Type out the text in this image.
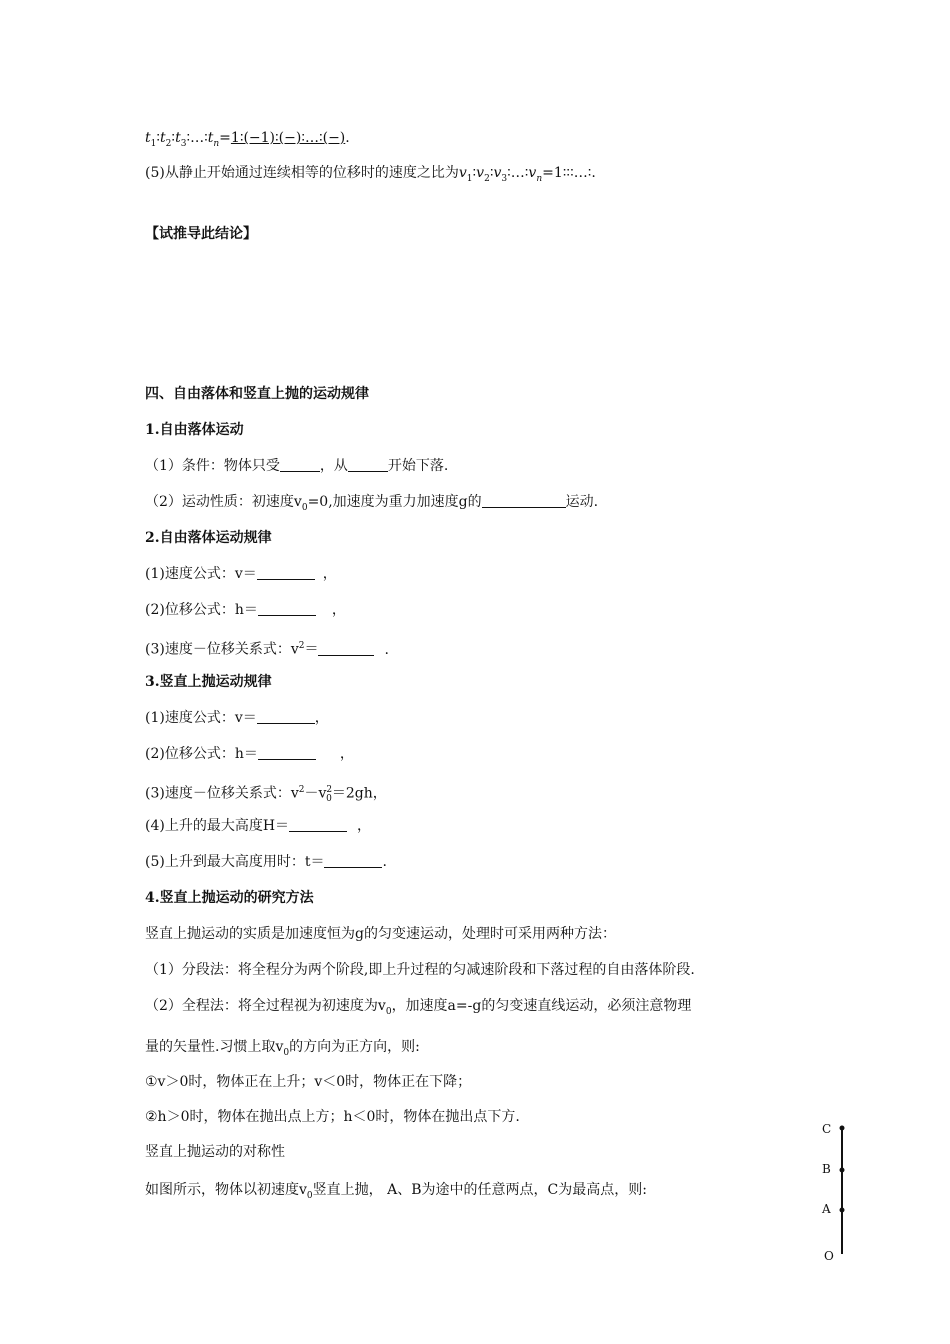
$t_1∶t_2∶t_3∶\dots∶t_n=1∶(-1)∶(-)∶\dots∶(-)$.
(5)从静止开始通过连续相等的位移时的速度之比为$v_1∶v_2∶v_3∶\dots∶v_n=1∶∶∶\dots∶$.
【试推导此结论】
四、自由落体和竖直上抛的运动规律
1.自由落体运动
（1）条件：物体只受	，从	开始下落.
（2）运动性质：初速度$v_0=0$,加速度为重力加速度g的	运动.
2.自由落体运动规律
(1)速度公式：v＝	，
(2)位移公式：h＝	，
(3)速度－位移关系式：$v^2=$	.
3.竖直上抛运动规律
(1)速度公式：v＝	，
(2)位移公式：h＝	，
(3)速度－位移关系式：$v^2-v^2_0=2gh$，
(4)上升的最大高度H＝	，
(5)上升到最大高度用时：t＝	.
4.竖直上抛运动的研究方法
竖直上抛运动的实质是加速度恒为g的匀变速运动，处理时可采用两种方法：
（1）分段法：将全程分为两个阶段,即上升过程的匀减速阶段和下落过程的自由落体阶段.
（2）全程法：将全过程视为初速度为$v_0$，加速度a=-g的匀变速直线运动，必须注意物理
量的矢量性.习惯上取$v_0$的方向为正方向，则:
①v＞0时，物体正在上升；v＜0时，物体正在下降；
②h＞0时，物体在抛出点上方；h＜0时，物体在抛出点下方.
竖直上抛运动的对称性
如图所示，物体以初速度$v_0$竖直上抛， A、B为途中的任意两点，C为最高点，则:
C
B
A
O
